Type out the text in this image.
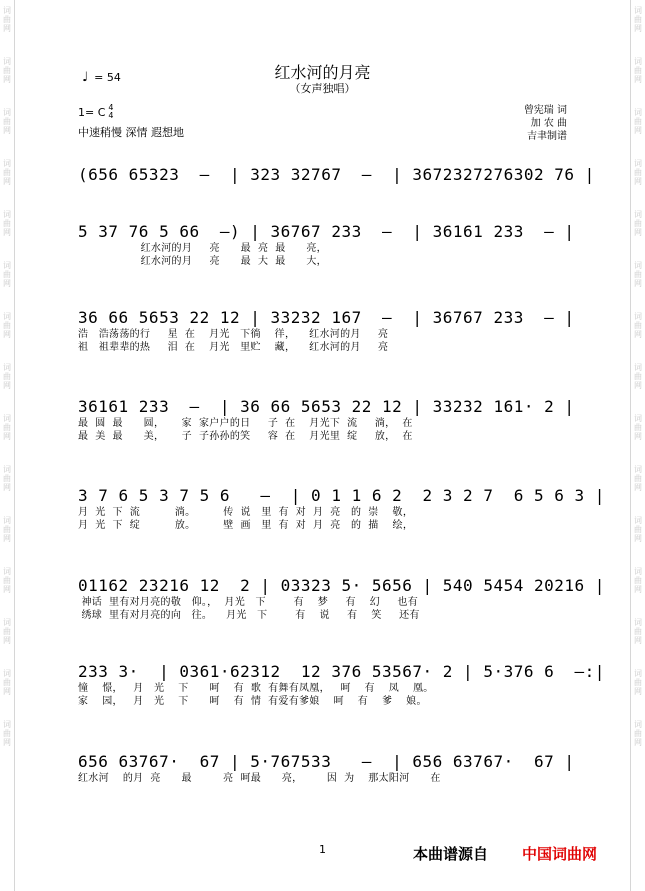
词
曲
网
词
曲
网
词
曲
网
词
曲
网
词
曲
网
词
曲
网
词
曲
网
词
曲
网
词
曲
网
词
曲
网
词
曲
网
词
曲
网
词
曲
网
词
曲
网
词
曲
网
词
曲
网
词
曲
网
词
曲
网
词
曲
网
词
曲
网
词
曲
网
词
曲
网
词
曲
网
词
曲
网
词
曲
网
词
曲
网
词
曲
网
词
曲
网
词
曲
网
词
曲
网
红水河的月亮
（女声独唱）
♩ = 54
1= C 4
4
中速稍慢 深情 遐想地
曾宪瑞 词
加 农 曲
吉聿制谱
(656 65323  –  | 323 32767  –  | 3672327276302 76 |
5 37 76 5 66  –) | 36767 233  –  | 36161 233  – |
红水河的月     亮      最  亮  最      亮，
红水河的月     亮      最  大  最      大，
36 66 5653 22 12 | 33232 167  –  | 36767 233  – |
浩   浩荡荡的行     星  在    月光   下徜    徉，    红水河的月     亮
祖   祖辈辈的热     泪  在    月光   里贮    藏，    红水河的月     亮
36161 233  –  | 36 66 5653 22 12 | 33232 161· 2 |
最  圆  最      圆，     家  家户户的日     子  在    月光下  流     淌，  在
最  美  最      美，     子  子孙孙的笑     容  在    月光里  绽     放，  在
3 7 6 5 3 7 5 6   –  | 0 1 1 6 2  2 3 2 7  6 5 6 3 |
月  光  下  流          淌。        传  说   里  有  对  月  亮   的  崇    敬，
月  光  下  绽          放。        壁  画   里  有  对  月  亮   的  描    绘，
01162 23216 12  2 | 03323 5· 5656 | 540 5454 20216 |
神话  里有对月亮的敬   仰。，  月光   下        有    梦     有    幻     也有
绣球  里有对月亮的向   往。    月光   下        有    说     有    笑     还有
233 3·  | 0361·62312  12 376 53567· 2 | 5·376 6  –:|
憧    憬，   月   光    下      呵    有  歌  有舞有凤凰，   呵    有    凤    凰。
家    园，   月   光    下      呵    有  情  有爱有爹娘    呵    有    爹    娘。
656 63767·  67 | 5·767533   –  | 656 63767·  67 |
红水河    的月  亮      最         亮  呵最      亮，       因  为    那太阳河      在
1	本曲谱源自 中国词曲网
